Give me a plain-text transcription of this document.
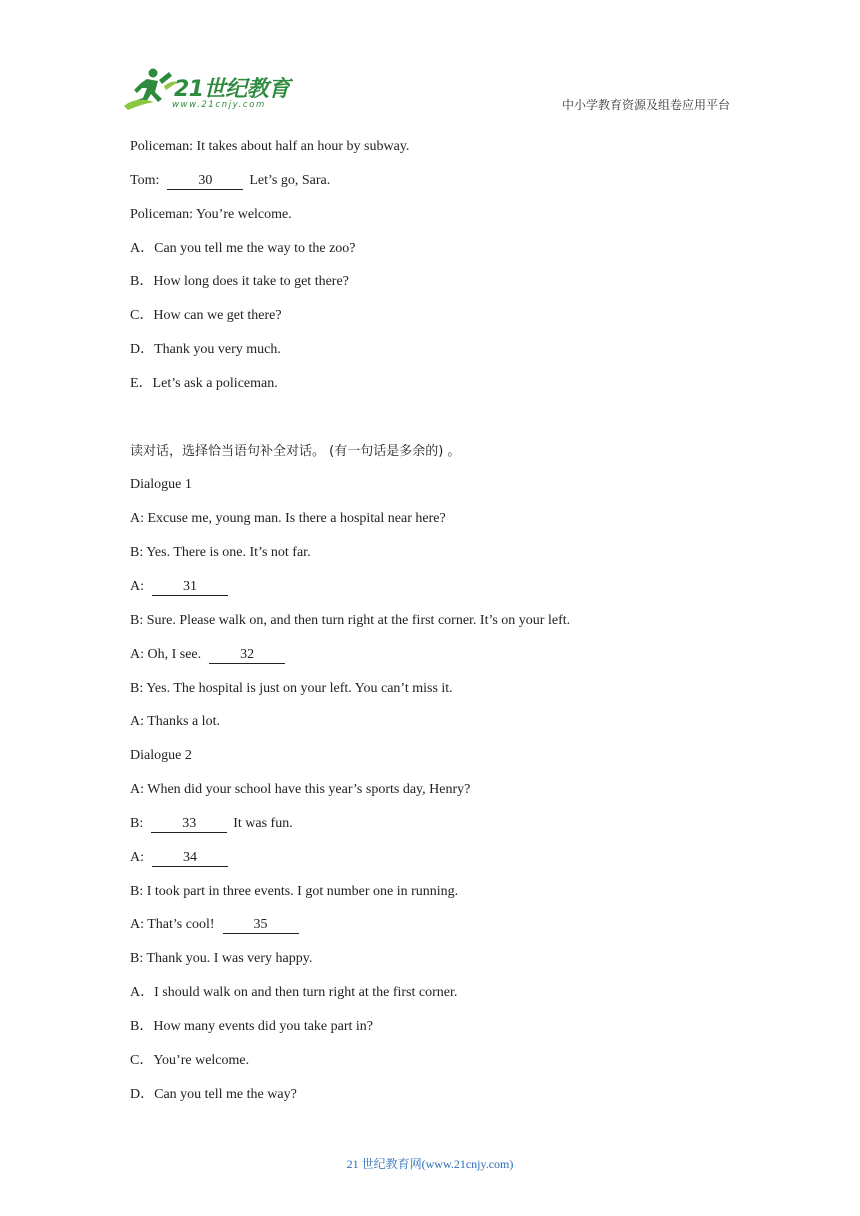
21世纪教育
www.21cnjy.com	中小学教育资源及组卷应用平台
Policeman: It takes about half an hour by subway.
Tom:	30	Let’s go, Sara.
Policeman: You’re welcome.
A．Can you tell me the way to the zoo?
B．How long does it take to get there?
C．How can we get there?
D．Thank you very much.
E．Let’s ask a policeman.
读对话，选择恰当语句补全对话。 (有一句话是多余的) 。
Dialogue 1
A: Excuse me, young man. Is there a hospital near here?
B: Yes. There is one. It’s not far.
A:	31
B: Sure. Please walk on, and then turn right at the first corner. It’s on your left.
A: Oh, I see.	32
B: Yes. The hospital is just on your left. You can’t miss it.
A: Thanks a lot.
Dialogue 2
A: When did your school have this year’s sports day, Henry?
B:	33	It was fun.
A:	34
B: I took part in three events. I got number one in running.
A: That’s cool!	35
B: Thank you. I was very happy.
A．I should walk on and then turn right at the first corner.
B．How many events did you take part in?
C．You’re welcome.
D．Can you tell me the way?
21 世纪教育网(www.21cnjy.com)
